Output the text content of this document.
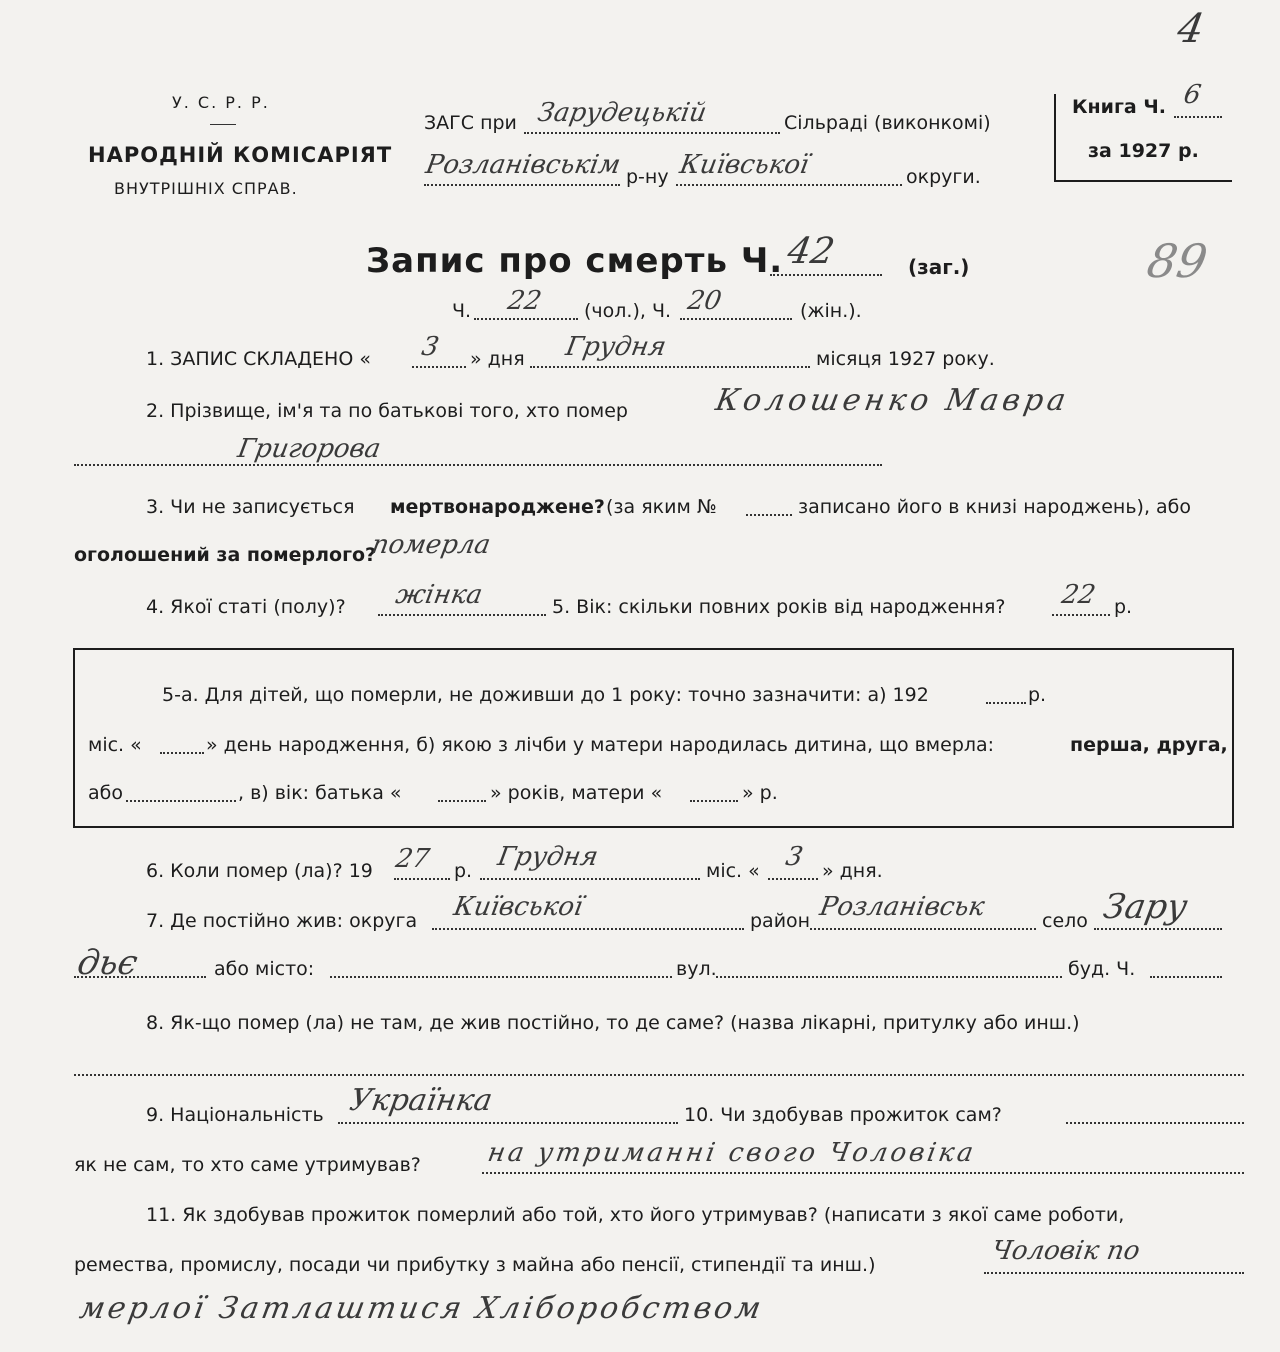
4
89
У. С. Р. Р.
НАРОДНІЙ КОМІСАРІЯТ
ВНУТРІШНІХ СПРАВ.
ЗАГС при Зарудецькій	Сільраді (виконкомі)
Розланівськім р-ну Київської	округи.
Книга Ч. 6
за 1927 р.
Запис про смерть Ч. 42	(заг.)
Ч. 22 (чол.), Ч. 20	(жін.).
1. ЗАПИС СКЛАДЕНО « 3 » дня Грудня	місяця 1927 року.
2. Прізвище, ім'я та по батькові того, хто помер	Колошенко Мавра
Григорова
3. Чи не записується мертвонароджене? (за яким №	записано його в книзі народжень), або
оголошений за померлого?
померла
4. Якої статі (полу)? жінка	5. Вік: скільки повних років від народження? 22 р.
5-а. Для дітей, що померли, не доживши до 1 року: точно зазначити: а) 192	р.
міс. «	» день народження, б) якою з лічби у матери народилась дитина, що вмерла:	перша, друга,
або	, в) вік: батька «	» років, матери «	» р.
6. Коли помер (ла)? 19 27 р. Грудня	міс. « 3 » дня.
7. Де постійно жив: округа Київської	район Розланівськ	село Зару
дьє	або місто:	вул.	буд. Ч.
8. Як-що помер (ла) не там, де жив постійно, то де саме? (назва лікарні, притулку або инш.)
9. Національність Українка	10. Чи здобував прожиток сам?
як не сам, то хто саме утримував? на утриманні свого Чоловіка
11. Як здобував прожиток померлий або той, хто його утримував? (написати з якої саме роботи,
ремества, промислу, посади чи прибутку з майна або пенсії, стипендії та инш.)	Чоловік по
мерлої Затлаштися Хліборобством
